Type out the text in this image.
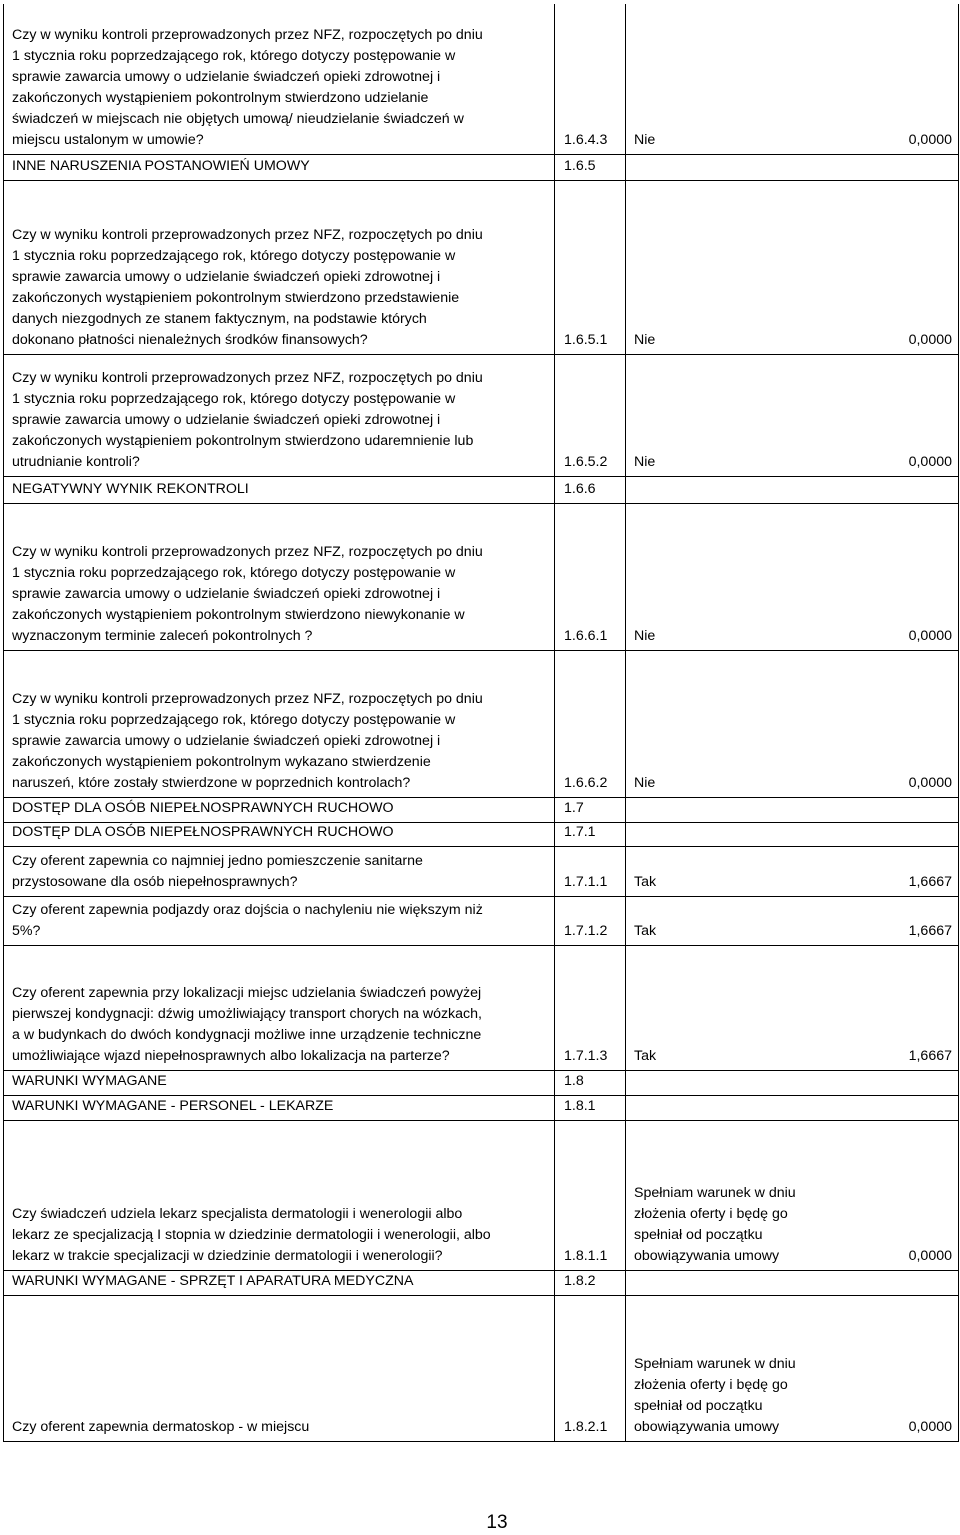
Czy w wyniku kontroli przeprowadzonych przez NFZ, rozpoczętych po dniu
1 stycznia roku poprzedzającego rok, którego dotyczy postępowanie w
sprawie zawarcia umowy o udzielanie świadczeń opieki zdrowotnej i
zakończonych wystąpieniem pokontrolnym stwierdzono udzielanie
świadczeń w miejscach nie objętych umową/ nieudzielanie świadczeń w
miejscu ustalonym w umowie?	1.6.4.3 Nie	0,0000
INNE NARUSZENIA POSTANOWIEŃ UMOWY	1.6.5
Czy w wyniku kontroli przeprowadzonych przez NFZ, rozpoczętych po dniu
1 stycznia roku poprzedzającego rok, którego dotyczy postępowanie w
sprawie zawarcia umowy o udzielanie świadczeń opieki zdrowotnej i
zakończonych wystąpieniem pokontrolnym stwierdzono przedstawienie
danych niezgodnych ze stanem faktycznym, na podstawie których
dokonano płatności nienależnych środków finansowych?	1.6.5.1 Nie	0,0000
Czy w wyniku kontroli przeprowadzonych przez NFZ, rozpoczętych po dniu
1 stycznia roku poprzedzającego rok, którego dotyczy postępowanie w
sprawie zawarcia umowy o udzielanie świadczeń opieki zdrowotnej i
zakończonych wystąpieniem pokontrolnym stwierdzono udaremnienie lub
utrudnianie kontroli?	1.6.5.2 Nie	0,0000
NEGATYWNY WYNIK REKONTROLI	1.6.6
Czy w wyniku kontroli przeprowadzonych przez NFZ, rozpoczętych po dniu
1 stycznia roku poprzedzającego rok, którego dotyczy postępowanie w
sprawie zawarcia umowy o udzielanie świadczeń opieki zdrowotnej i
zakończonych wystąpieniem pokontrolnym stwierdzono niewykonanie w
wyznaczonym terminie zaleceń pokontrolnych ?	1.6.6.1 Nie	0,0000
Czy w wyniku kontroli przeprowadzonych przez NFZ, rozpoczętych po dniu
1 stycznia roku poprzedzającego rok, którego dotyczy postępowanie w
sprawie zawarcia umowy o udzielanie świadczeń opieki zdrowotnej i
zakończonych wystąpieniem pokontrolnym wykazano stwierdzenie
naruszeń, które zostały stwierdzone w poprzednich kontrolach?	1.6.6.2 Nie	0,0000
DOSTĘP DLA OSÓB NIEPEŁNOSPRAWNYCH RUCHOWO	1.7
DOSTĘP DLA OSÓB NIEPEŁNOSPRAWNYCH RUCHOWO	1.7.1
Czy oferent zapewnia co najmniej jedno pomieszczenie sanitarne
przystosowane dla osób niepełnosprawnych?	1.7.1.1 Tak	1,6667
Czy oferent zapewnia podjazdy oraz dojścia o nachyleniu nie większym niż
5%?	1.7.1.2 Tak	1,6667
Czy oferent zapewnia przy lokalizacji miejsc udzielania świadczeń powyżej
pierwszej kondygnacji: dźwig umożliwiający transport chorych na wózkach,
a w budynkach do dwóch kondygnacji możliwe inne urządzenie techniczne
umożliwiające wjazd niepełnosprawnych albo lokalizacja na parterze?	1.7.1.3 Tak	1,6667
WARUNKI WYMAGANE	1.8
WARUNKI WYMAGANE - PERSONEL - LEKARZE	1.8.1
Czy świadczeń udziela lekarz specjalista dermatologii i wenerologii albo
lekarz ze specjalizacją I stopnia w dziedzinie dermatologii i wenerologii, albo
lekarz w trakcie specjalizacji w dziedzinie dermatologii i wenerologii?	1.8.1.1
Spełniam warunek w dniu
złożenia oferty i będę go
spełniał od początku
obowiązywania umowy	0,0000
WARUNKI WYMAGANE - SPRZĘT I APARATURA MEDYCZNA	1.8.2
Czy oferent zapewnia dermatoskop - w miejscu	1.8.2.1
Spełniam warunek w dniu
złożenia oferty i będę go
spełniał od początku
obowiązywania umowy	0,0000
13
